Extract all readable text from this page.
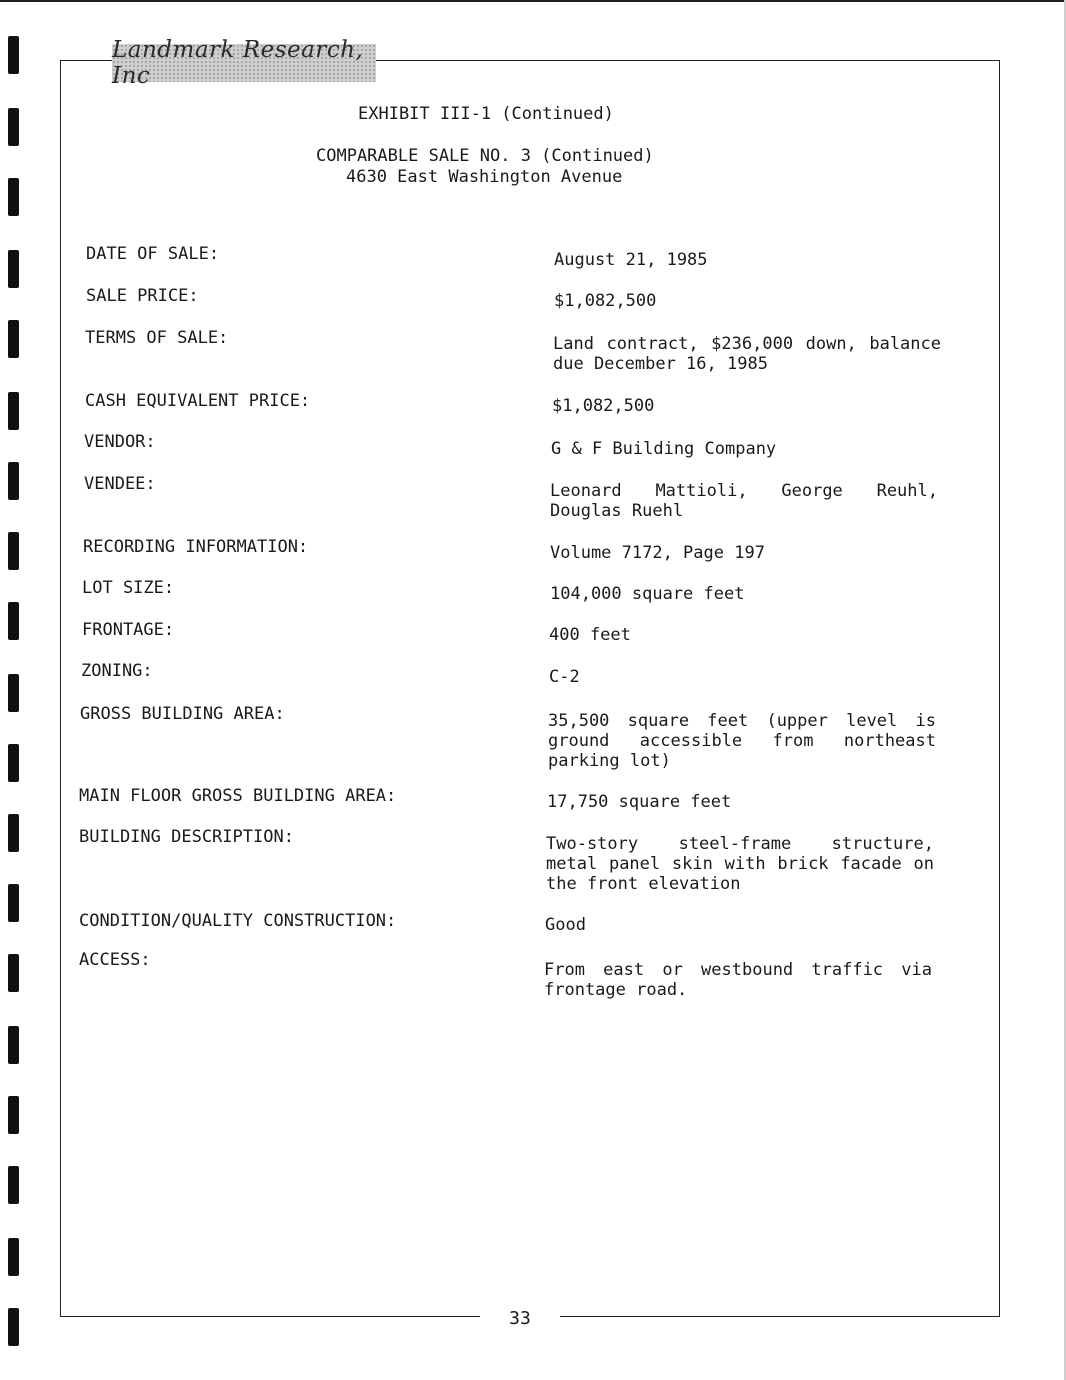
Landmark Research, Inc
EXHIBIT III-1 (Continued)
COMPARABLE SALE NO. 3 (Continued)
4630 East Washington Avenue
DATE OF SALE:	August 21, 1985
SALE PRICE:	$1,082,500
TERMS OF SALE:	Land contract, $236,000 down, balance due December 16, 1985
CASH EQUIVALENT PRICE:	$1,082,500
VENDOR:	G & F Building Company
VENDEE:	Leonard Mattioli, George Reuhl, Douglas Ruehl
RECORDING INFORMATION:	Volume 7172, Page 197
LOT SIZE:	104,000 square feet
FRONTAGE:	400 feet
ZONING:	C-2
GROSS BUILDING AREA:	35,500 square feet (upper level is ground accessible from northeast parking lot)
MAIN FLOOR GROSS BUILDING AREA:	17,750 square feet
BUILDING DESCRIPTION:	Two-story steel-frame structure, metal panel skin with brick facade on the front elevation
CONDITION/QUALITY CONSTRUCTION:	Good
ACCESS:	From east or westbound traffic via frontage road.
33
